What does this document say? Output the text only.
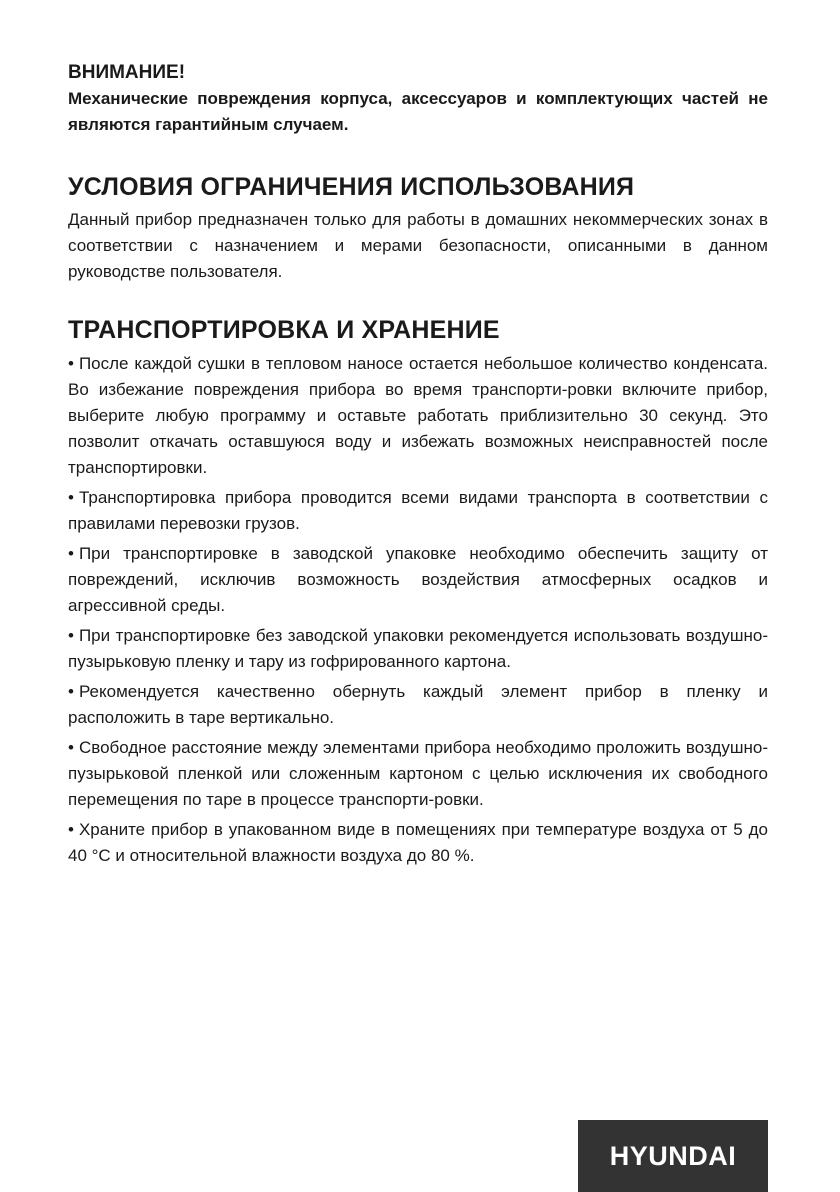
ВНИМАНИЕ!

Механические повреждения корпуса, аксессуаров и комплектующих частей не являются гарантийным случаем.

УСЛОВИЯ ОГРАНИЧЕНИЯ ИСПОЛЬЗОВАНИЯ

Данный прибор предназначен только для работы в домашних некоммерческих зонах в соответствии с назначением и мерами безопасности, описанными в данном руководстве пользователя.

ТРАНСПОРТИРОВКА И ХРАНЕНИЕ
• После каждой сушки в тепловом наносе остается небольшое количество конденсата. Во избежание повреждения прибора во время транспорти-ровки включите прибор, выберите любую программу и оставьте работать приблизительно 30 секунд. Это позволит откачать оставшуюся воду и избежать возможных неисправностей после транспортировки.
• Транспортировка прибора проводится всеми видами транспорта в соответствии с правилами перевозки грузов.
• При транспортировке в заводской упаковке необходимо обеспечить защиту от повреждений, исключив возможность воздействия атмосферных осадков и агрессивной среды.
• При транспортировке без заводской упаковки рекомендуется использовать воздушно-пузырьковую пленку и тару из гофрированного картона.
• Рекомендуется качественно обернуть каждый элемент прибор в пленку и расположить в таре вертикально.
• Свободное расстояние между элементами прибора необходимо проложить воздушно-пузырьковой пленкой или сложенным картоном с целью исключения их свободного перемещения по таре в процессе транспорти-ровки.
• Храните прибор в упакованном виде в помещениях при температуре воздуха от 5 до 40 °С и относительной влажности воздуха до 80 %.
HYUNDAI
